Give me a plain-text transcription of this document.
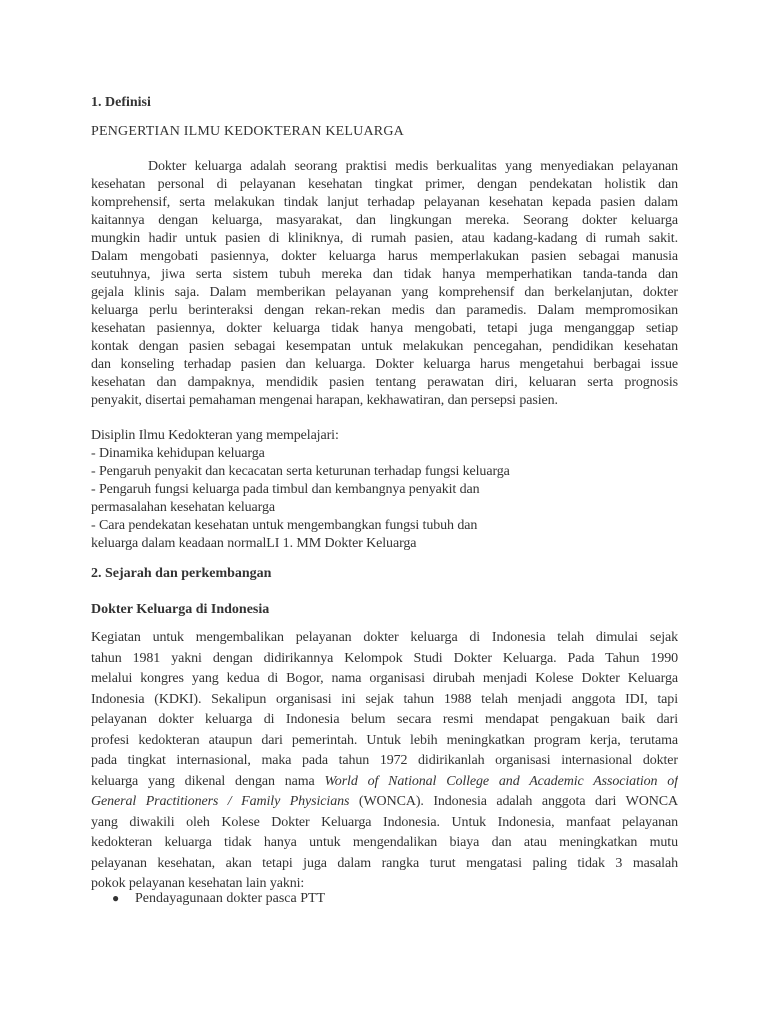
1. Definisi
PENGERTIAN ILMU KEDOKTERAN KELUARGA
Dokter keluarga adalah seorang praktisi medis berkualitas yang menyediakan pelayanan
kesehatan personal di pelayanan kesehatan tingkat primer, dengan pendekatan holistik dan
komprehensif, serta melakukan tindak lanjut terhadap pelayanan kesehatan kepada pasien dalam
kaitannya dengan keluarga, masyarakat, dan lingkungan mereka. Seorang dokter keluarga
mungkin hadir untuk pasien di kliniknya, di rumah pasien, atau kadang-kadang di rumah sakit.
Dalam mengobati pasiennya, dokter keluarga harus memperlakukan pasien sebagai manusia
seutuhnya, jiwa serta sistem tubuh mereka dan tidak hanya memperhatikan tanda-tanda dan
gejala klinis saja. Dalam memberikan pelayanan yang komprehensif dan berkelanjutan, dokter
keluarga perlu berinteraksi dengan rekan-rekan medis dan paramedis. Dalam mempromosikan
kesehatan pasiennya, dokter keluarga tidak hanya mengobati, tetapi juga menganggap setiap
kontak dengan pasien sebagai kesempatan untuk melakukan pencegahan, pendidikan kesehatan
dan konseling terhadap pasien dan keluarga. Dokter keluarga harus mengetahui berbagai issue
kesehatan dan dampaknya, mendidik pasien tentang perawatan diri, keluaran serta prognosis
penyakit, disertai pemahaman mengenai harapan, kekhawatiran, dan persepsi pasien.
Disiplin Ilmu Kedokteran yang mempelajari:
- Dinamika kehidupan keluarga
- Pengaruh penyakit dan kecacatan serta keturunan terhadap fungsi keluarga
- Pengaruh fungsi keluarga pada timbul dan kembangnya penyakit dan
permasalahan kesehatan keluarga
- Cara pendekatan kesehatan untuk mengembangkan fungsi tubuh dan
keluarga dalam keadaan normalLI 1. MM Dokter Keluarga
2. Sejarah dan perkembangan
Dokter Keluarga di Indonesia
Kegiatan untuk mengembalikan pelayanan dokter keluarga di Indonesia telah dimulai sejak
tahun 1981 yakni dengan didirikannya Kelompok Studi Dokter Keluarga. Pada Tahun 1990
melalui kongres yang kedua di Bogor, nama organisasi dirubah menjadi Kolese Dokter Keluarga
Indonesia (KDKI). Sekalipun organisasi ini sejak tahun 1988 telah menjadi anggota IDI, tapi
pelayanan dokter keluarga di Indonesia belum secara resmi mendapat pengakuan baik dari
profesi kedokteran ataupun dari pemerintah. Untuk lebih meningkatkan program kerja, terutama
pada tingkat internasional, maka pada tahun 1972 didirikanlah organisasi internasional dokter
keluarga yang dikenal dengan nama World of National College and Academic Association of
General Practitioners / Family Physicians (WONCA). Indonesia adalah anggota dari WONCA
yang diwakili oleh Kolese Dokter Keluarga Indonesia. Untuk Indonesia, manfaat pelayanan
kedokteran keluarga tidak hanya untuk mengendalikan biaya dan atau meningkatkan mutu
pelayanan kesehatan, akan tetapi juga dalam rangka turut mengatasi paling tidak 3 masalah
pokok pelayanan kesehatan lain yakni:
● Pendayagunaan dokter pasca PTT
